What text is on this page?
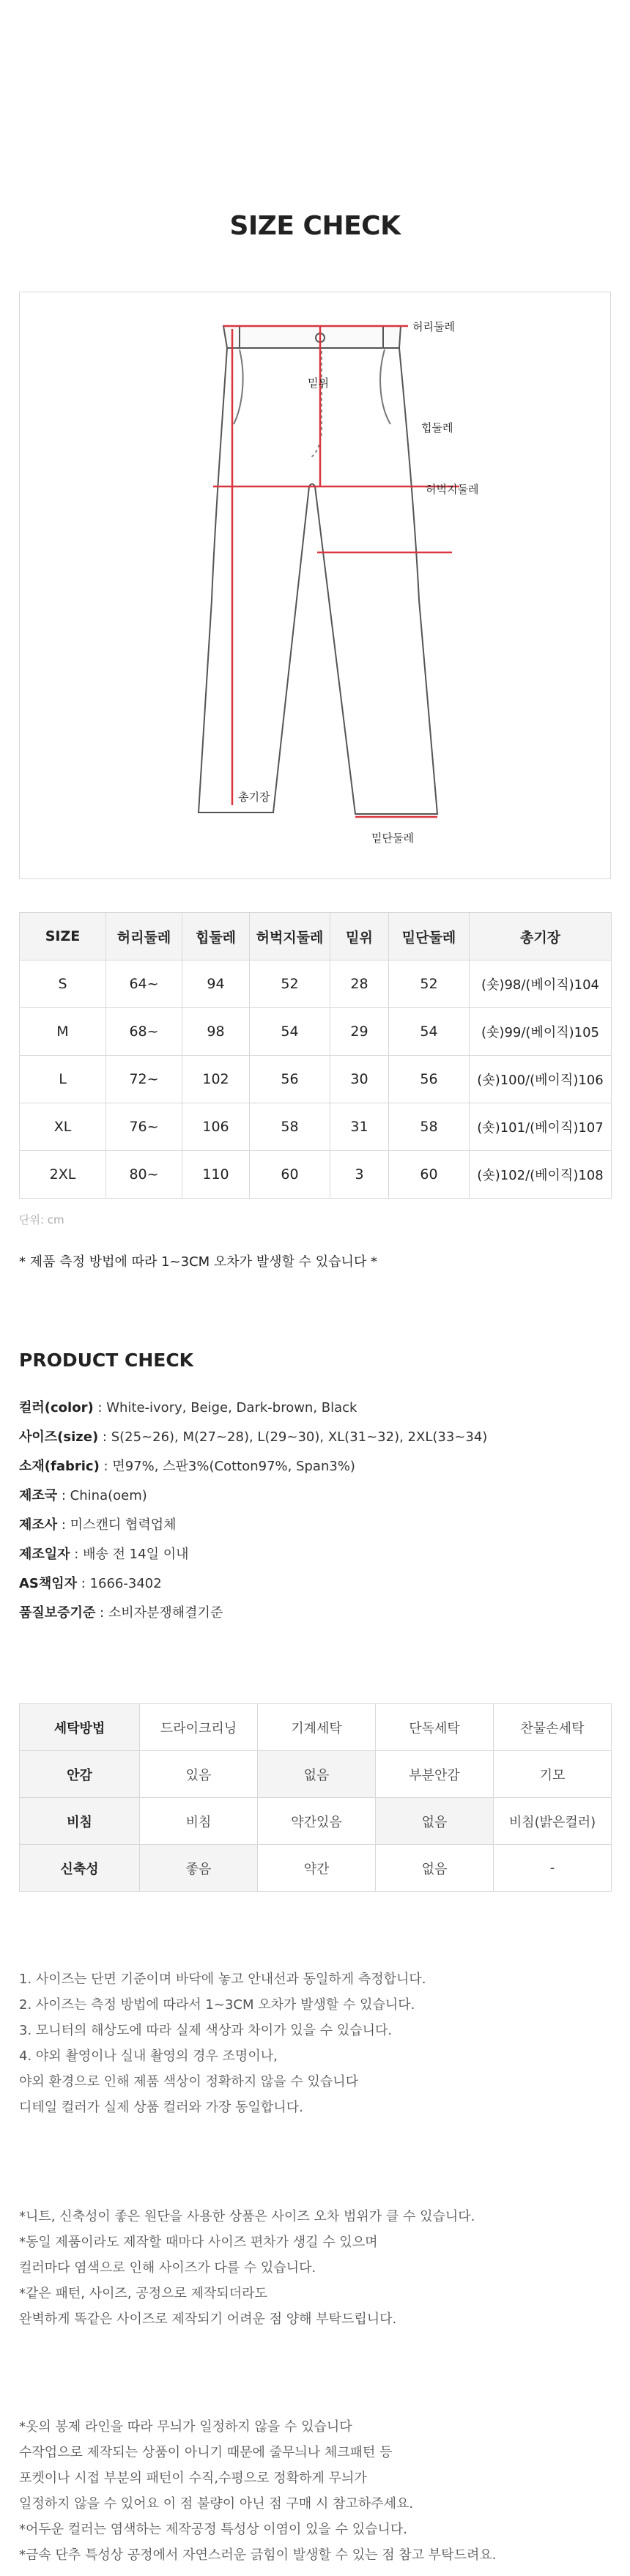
SIZE CHECK
허리둘레
밑위
힙둘레
허벅지둘레
총기장
밑단둘레
SIZE	허리둘레	힙둘레	허벅지둘레	밑위	밑단둘레	총기장
S	64~	94	52	28	52	(숏)98/(베이직)104
M	68~	98	54	29	54	(숏)99/(베이직)105
L	72~	102	56	30	56	(숏)100/(베이직)106
XL	76~	106	58	31	58	(숏)101/(베이직)107
2XL	80~	110	60	3	60	(숏)102/(베이직)108
단위: cm
* 제품 측정 방법에 따라 1~3CM 오차가 발생할 수 있습니다 *
PRODUCT CHECK
컬러(color) : White-ivory, Beige, Dark-brown, Black
사이즈(size) : S(25~26), M(27~28), L(29~30), XL(31~32), 2XL(33~34)
소재(fabric) : 면97%, 스판3%(Cotton97%, Span3%)
제조국 : China(oem)
제조사 : 미스캔디 협력업체
제조일자 : 배송 전 14일 이내
AS책임자 : 1666-3402
품질보증기준 : 소비자분쟁해결기준
세탁방법	드라이크리닝	기계세탁	단독세탁	찬물손세탁
안감	있음	없음	부분안감	기모
비침	비침	약간있음	없음	비침(밝은컬러)
신축성	좋음	약간	없음	-
1. 사이즈는 단면 기준이며 바닥에 놓고 안내선과 동일하게 측정합니다.
2. 사이즈는 측정 방법에 따라서 1~3CM 오차가 발생할 수 있습니다.
3. 모니터의 해상도에 따라 실제 색상과 차이가 있을 수 있습니다.
4. 야외 촬영이나 실내 촬영의 경우 조명이나,
야외 환경으로 인해 제품 색상이 정확하지 않을 수 있습니다
디테일 컬러가 실제 상품 컬러와 가장 동일합니다.
*니트, 신축성이 좋은 원단을 사용한 상품은 사이즈 오차 범위가 클 수 있습니다.
*동일 제품이라도 제작할 때마다 사이즈 편차가 생길 수 있으며
컬러마다 염색으로 인해 사이즈가 다를 수 있습니다.
*같은 패턴, 사이즈, 공정으로 제작되더라도
완벽하게 똑같은 사이즈로 제작되기 어려운 점 양해 부탁드립니다.
*옷의 봉제 라인을 따라 무늬가 일정하지 않을 수 있습니다
수작업으로 제작되는 상품이 아니기 때문에 줄무늬나 체크패턴 등
포켓이나 시접 부분의 패턴이 수직,수평으로 정확하게 무늬가
일정하지 않을 수 있어요 이 점 불량이 아닌 점 구매 시 참고하주세요.
*어두운 컬러는 염색하는 제작공정 특성상 이염이 있을 수 있습니다.
*금속 단추 특성상 공정에서 자연스러운 긁힘이 발생할 수 있는 점 참고 부탁드려요.
